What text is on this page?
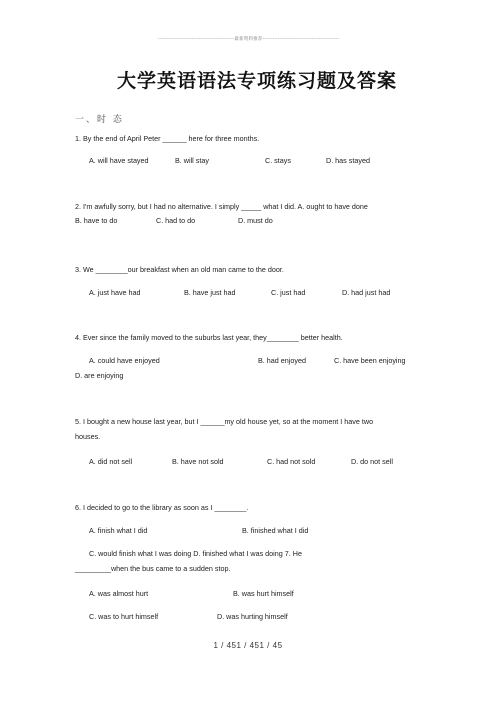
---------------------------------------------最新资料推荐---------------------------------------------
大学英语语法专项练习题及答案
一、时 态
1. By the end of April Peter ______ here for three months.
A. will have stayed	B. will stay	C. stays	D. has stayed
2. I'm awfully sorry, but I had no alternative. I simply _____ what I did. A. ought to have done
B. have to do	C. had to do	D. must do
3. We ________our breakfast when an old man came to the door.
A. just have had	B. have just had	C. just had	D. had just had
4. Ever since the family moved to the suburbs last year, they________ better health.
A. could have enjoyed	B. had enjoyed	C. have been enjoying
D. are enjoying
5. I bought a new house last year, but I ______my old house yet, so at the moment I have two
houses.
A. did not sell	B. have not sold	C. had not sold	D. do not sell
6. I decided to go to the library as soon as I ________.
A. finish what I did	B. finished what I did
C. would finish what I was doing D. finished what I was doing 7. He
_________when the bus came to a sudden stop.
A. was almost hurt	B. was hurt himself
C. was to hurt himself	D. was hurting himself
1 / 451 / 451 / 45
